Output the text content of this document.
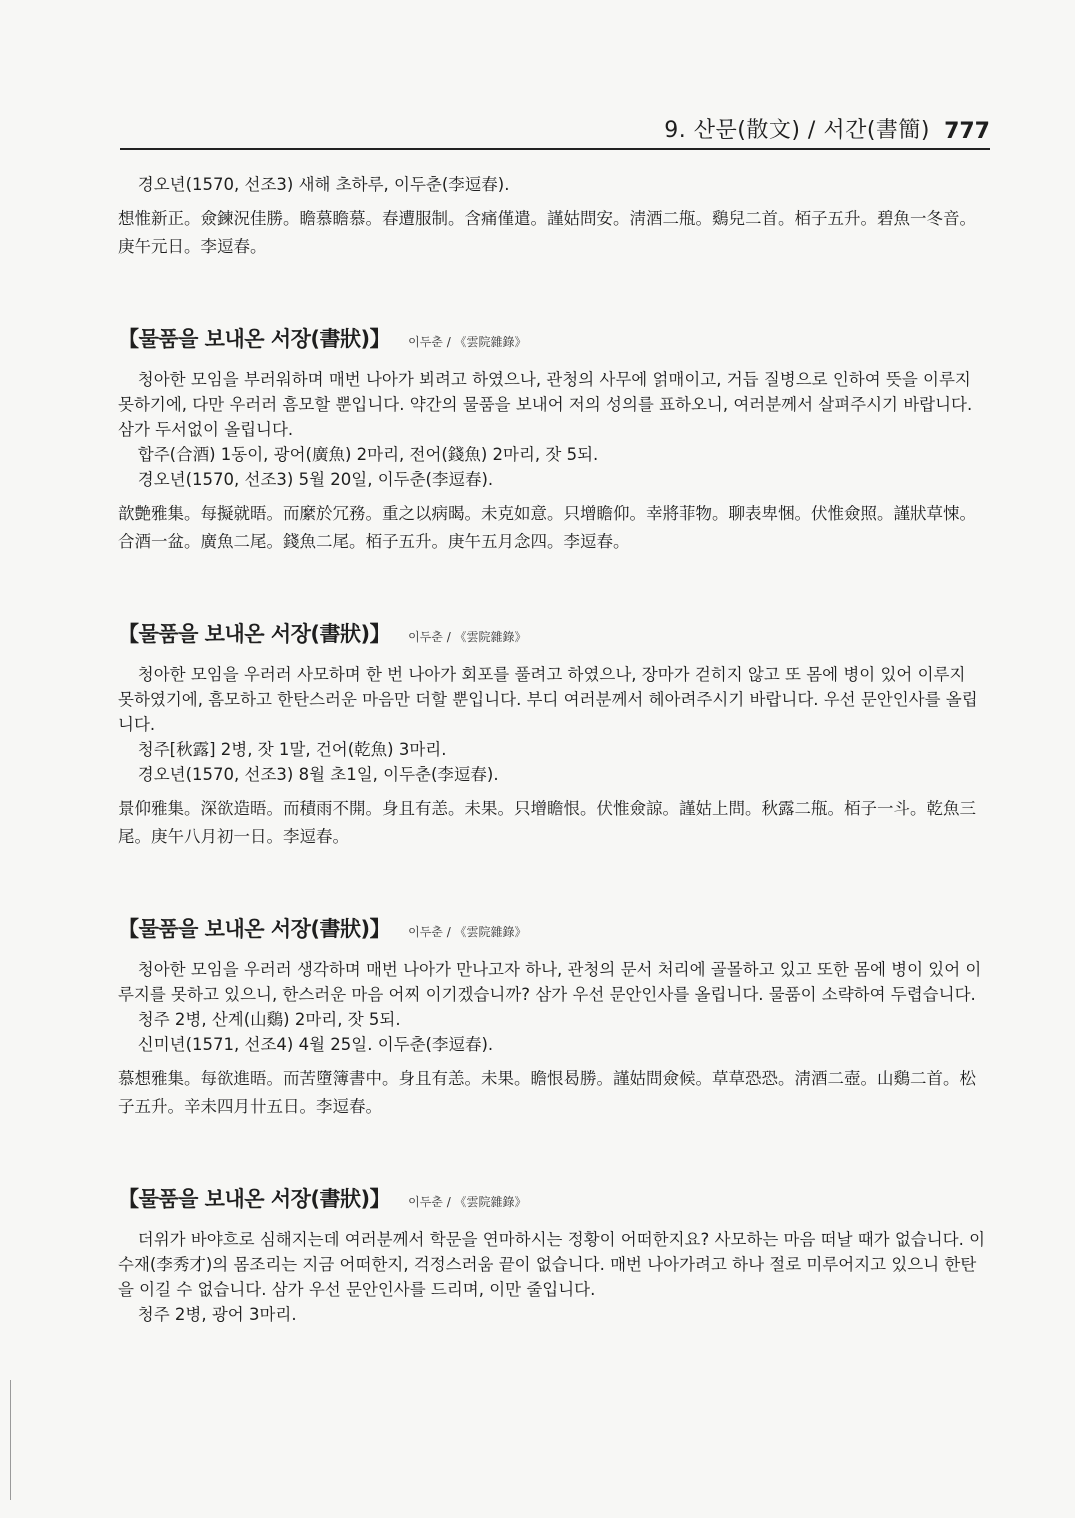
9. 산문(散文) / 서간(書簡) 777

경오년(1570, 선조3) 새해 초하루, 이두춘(李逗春).

想惟新正。僉鍊況佳勝。瞻慕瞻慕。春遭服制。含痛僅遣。謹姑問安。淸酒二甁。鷄兒二首。栢子五升。碧魚一冬音。庚午元日。李逗春。

【물품을 보내온 서장(書狀)】 이두춘 / 《雲院雜錄》

청아한 모임을 부러워하며 매번 나아가 뵈려고 하였으나, 관청의 사무에 얽매이고, 거듭 질병으로 인하여 뜻을 이루지 못하기에, 다만 우러러 흠모할 뿐입니다. 약간의 물품을 보내어 저의 성의를 표하오니, 여러분께서 살펴주시기 바랍니다. 삼가 두서없이 올립니다.

합주(合酒) 1동이, 광어(廣魚) 2마리, 전어(錢魚) 2마리, 잣 5되.

경오년(1570, 선조3) 5월 20일, 이두춘(李逗春).

歆艶雅集。每擬就晤。而縻於冗務。重之以病暍。未克如意。只增瞻仰。幸將菲物。聊表卑悃。伏惟僉照。謹狀草悚。合酒一盆。廣魚二尾。錢魚二尾。栢子五升。庚午五月念四。李逗春。

【물품을 보내온 서장(書狀)】 이두춘 / 《雲院雜錄》

청아한 모임을 우러러 사모하며 한 번 나아가 회포를 풀려고 하였으나, 장마가 걷히지 않고 또 몸에 병이 있어 이루지 못하였기에, 흠모하고 한탄스러운 마음만 더할 뿐입니다. 부디 여러분께서 헤아려주시기 바랍니다. 우선 문안인사를 올립니다.

청주[秋露] 2병, 잣 1말, 건어(乾魚) 3마리.

경오년(1570, 선조3) 8월 초1일, 이두춘(李逗春).

景仰雅集。深欲造晤。而積雨不開。身且有恙。未果。只增瞻恨。伏惟僉諒。謹姑上問。秋露二甁。栢子一斗。乾魚三尾。庚午八月初一日。李逗春。

【물품을 보내온 서장(書狀)】 이두춘 / 《雲院雜錄》

청아한 모임을 우러러 생각하며 매번 나아가 만나고자 하나, 관청의 문서 처리에 골몰하고 있고 또한 몸에 병이 있어 이루지를 못하고 있으니, 한스러운 마음 어찌 이기겠습니까? 삼가 우선 문안인사를 올립니다. 물품이 소략하여 두렵습니다.

청주 2병, 산계(山鷄) 2마리, 잣 5되.

신미년(1571, 선조4) 4월 25일. 이두춘(李逗春).

慕想雅集。每欲進晤。而苦墮簿書中。身且有恙。未果。瞻恨曷勝。謹姑問僉候。草草恐恐。淸酒二壺。山鷄二首。松子五升。辛未四月卄五日。李逗春。

【물품을 보내온 서장(書狀)】 이두춘 / 《雲院雜錄》

더위가 바야흐로 심해지는데 여러분께서 학문을 연마하시는 정황이 어떠한지요? 사모하는 마음 떠날 때가 없습니다. 이수재(李秀才)의 몸조리는 지금 어떠한지, 걱정스러움 끝이 없습니다. 매번 나아가려고 하나 절로 미루어지고 있으니 한탄을 이길 수 없습니다. 삼가 우선 문안인사를 드리며, 이만 줄입니다.

청주 2병, 광어 3마리.
